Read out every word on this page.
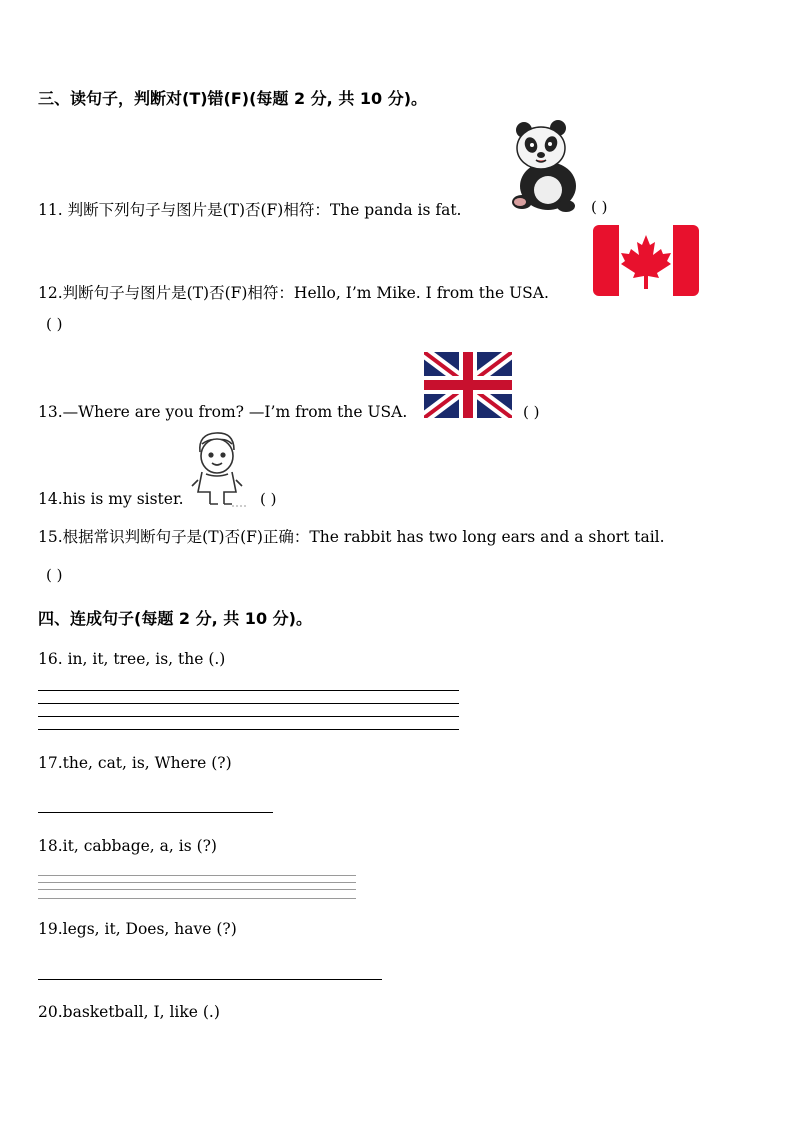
三、读句子，判断对(T)错(F)(每题 2 分, 共 10 分)。
11. 判断下列句子与图片是(T)否(F)相符：The panda is fat.	( )
12.判断句子与图片是(T)否(F)相符：Hello, I’m Mike. I from the USA.
( )
13.—Where are you from? —I’m from the USA.	( )
14.his is my sister.	( )
15.根据常识判断句子是(T)否(F)正确：The rabbit has two long ears and a short tail.
( )
四、连成句子(每题 2 分, 共 10 分)。
16. in, it, tree, is, the (.)
17.the, cat, is, Where (?)
18.it, cabbage, a, is (?)
19.legs, it, Does, have (?)
20.basketball, I, like (.)
